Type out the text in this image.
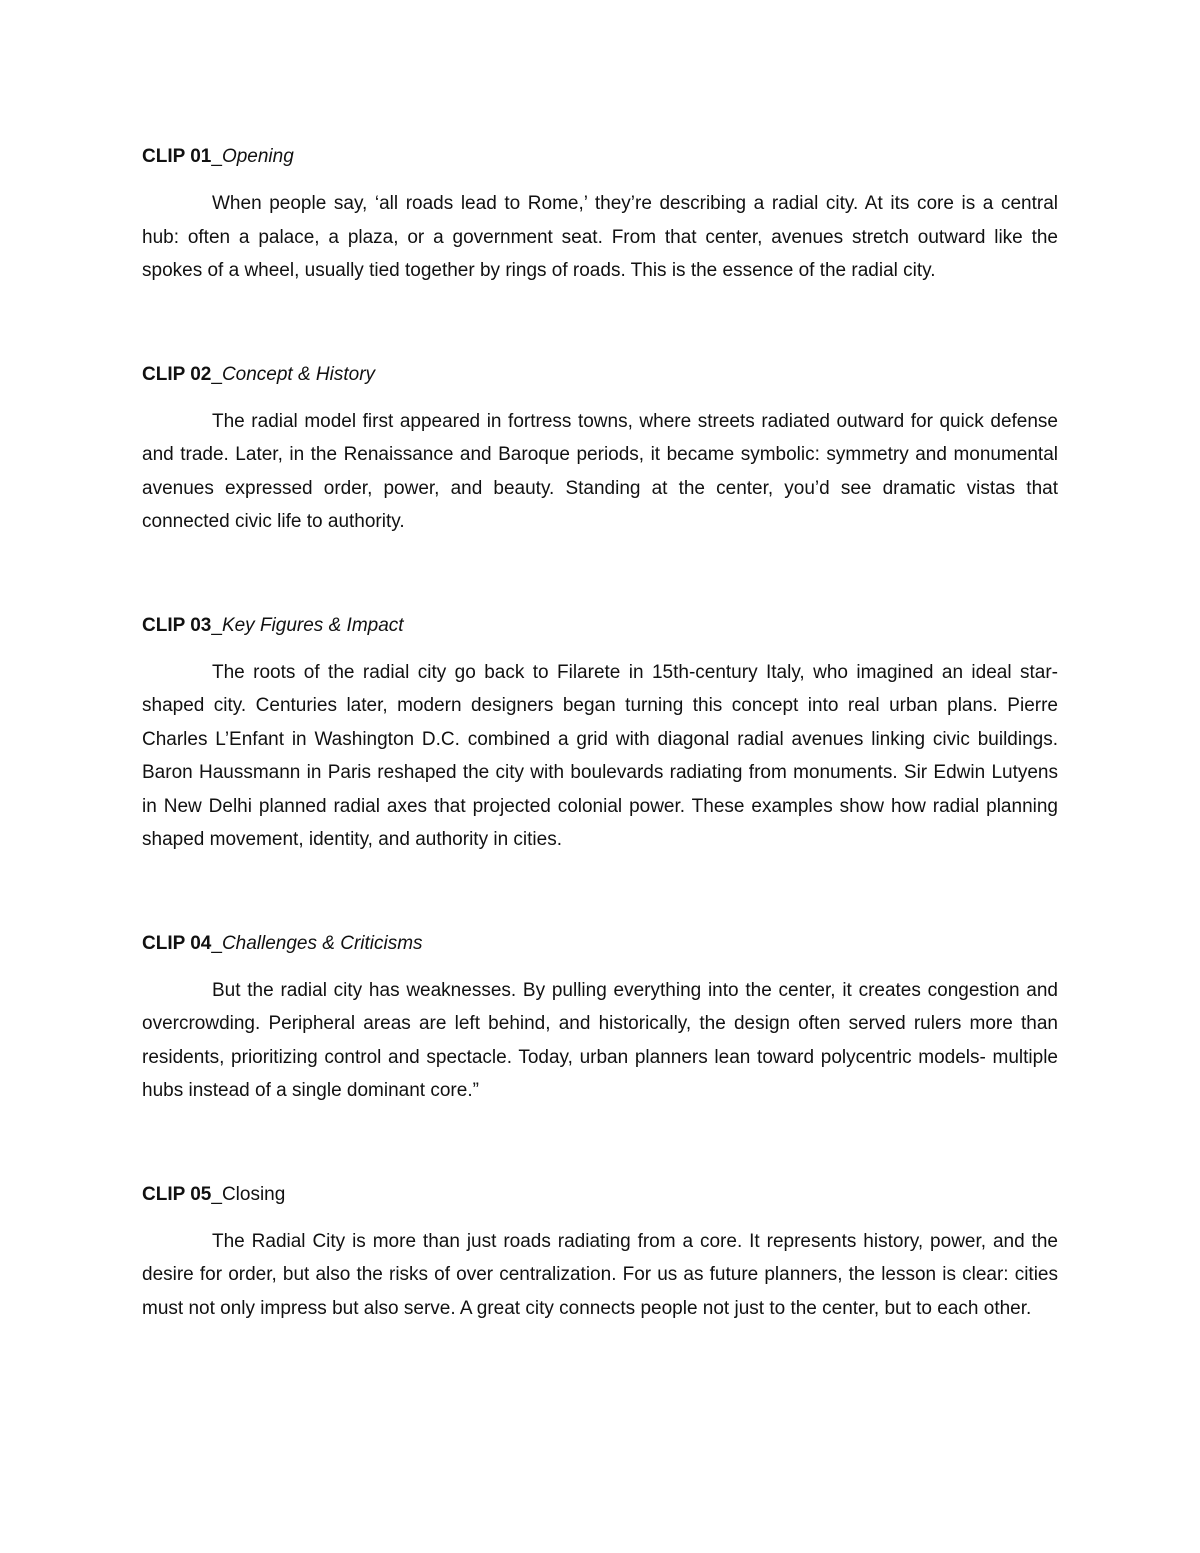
CLIP 01_Opening

When people say, ‘all roads lead to Rome,’ they’re describing a radial city. At its core is a central hub: often a palace, a plaza, or a government seat. From that center, avenues stretch outward like the spokes of a wheel, usually tied together by rings of roads. This is the essence of the radial city.

CLIP 02_Concept & History

The radial model first appeared in fortress towns, where streets radiated outward for quick defense and trade. Later, in the Renaissance and Baroque periods, it became symbolic: symmetry and monumental avenues expressed order, power, and beauty. Standing at the center, you’d see dramatic vistas that connected civic life to authority.

CLIP 03_Key Figures & Impact

The roots of the radial city go back to Filarete in 15th-century Italy, who imagined an ideal star-shaped city. Centuries later, modern designers began turning this concept into real urban plans. Pierre Charles L’Enfant in Washington D.C. combined a grid with diagonal radial avenues linking civic buildings. Baron Haussmann in Paris reshaped the city with boulevards radiating from monuments. Sir Edwin Lutyens in New Delhi planned radial axes that projected colonial power. These examples show how radial planning shaped movement, identity, and authority in cities.

CLIP 04_Challenges & Criticisms

But the radial city has weaknesses. By pulling everything into the center, it creates congestion and overcrowding. Peripheral areas are left behind, and historically, the design often served rulers more than residents, prioritizing control and spectacle. Today, urban planners lean toward polycentric models- multiple hubs instead of a single dominant core.”

CLIP 05_Closing

The Radial City is more than just roads radiating from a core. It represents history, power, and the desire for order, but also the risks of over centralization. For us as future planners, the lesson is clear: cities must not only impress but also serve. A great city connects people not just to the center, but to each other.
